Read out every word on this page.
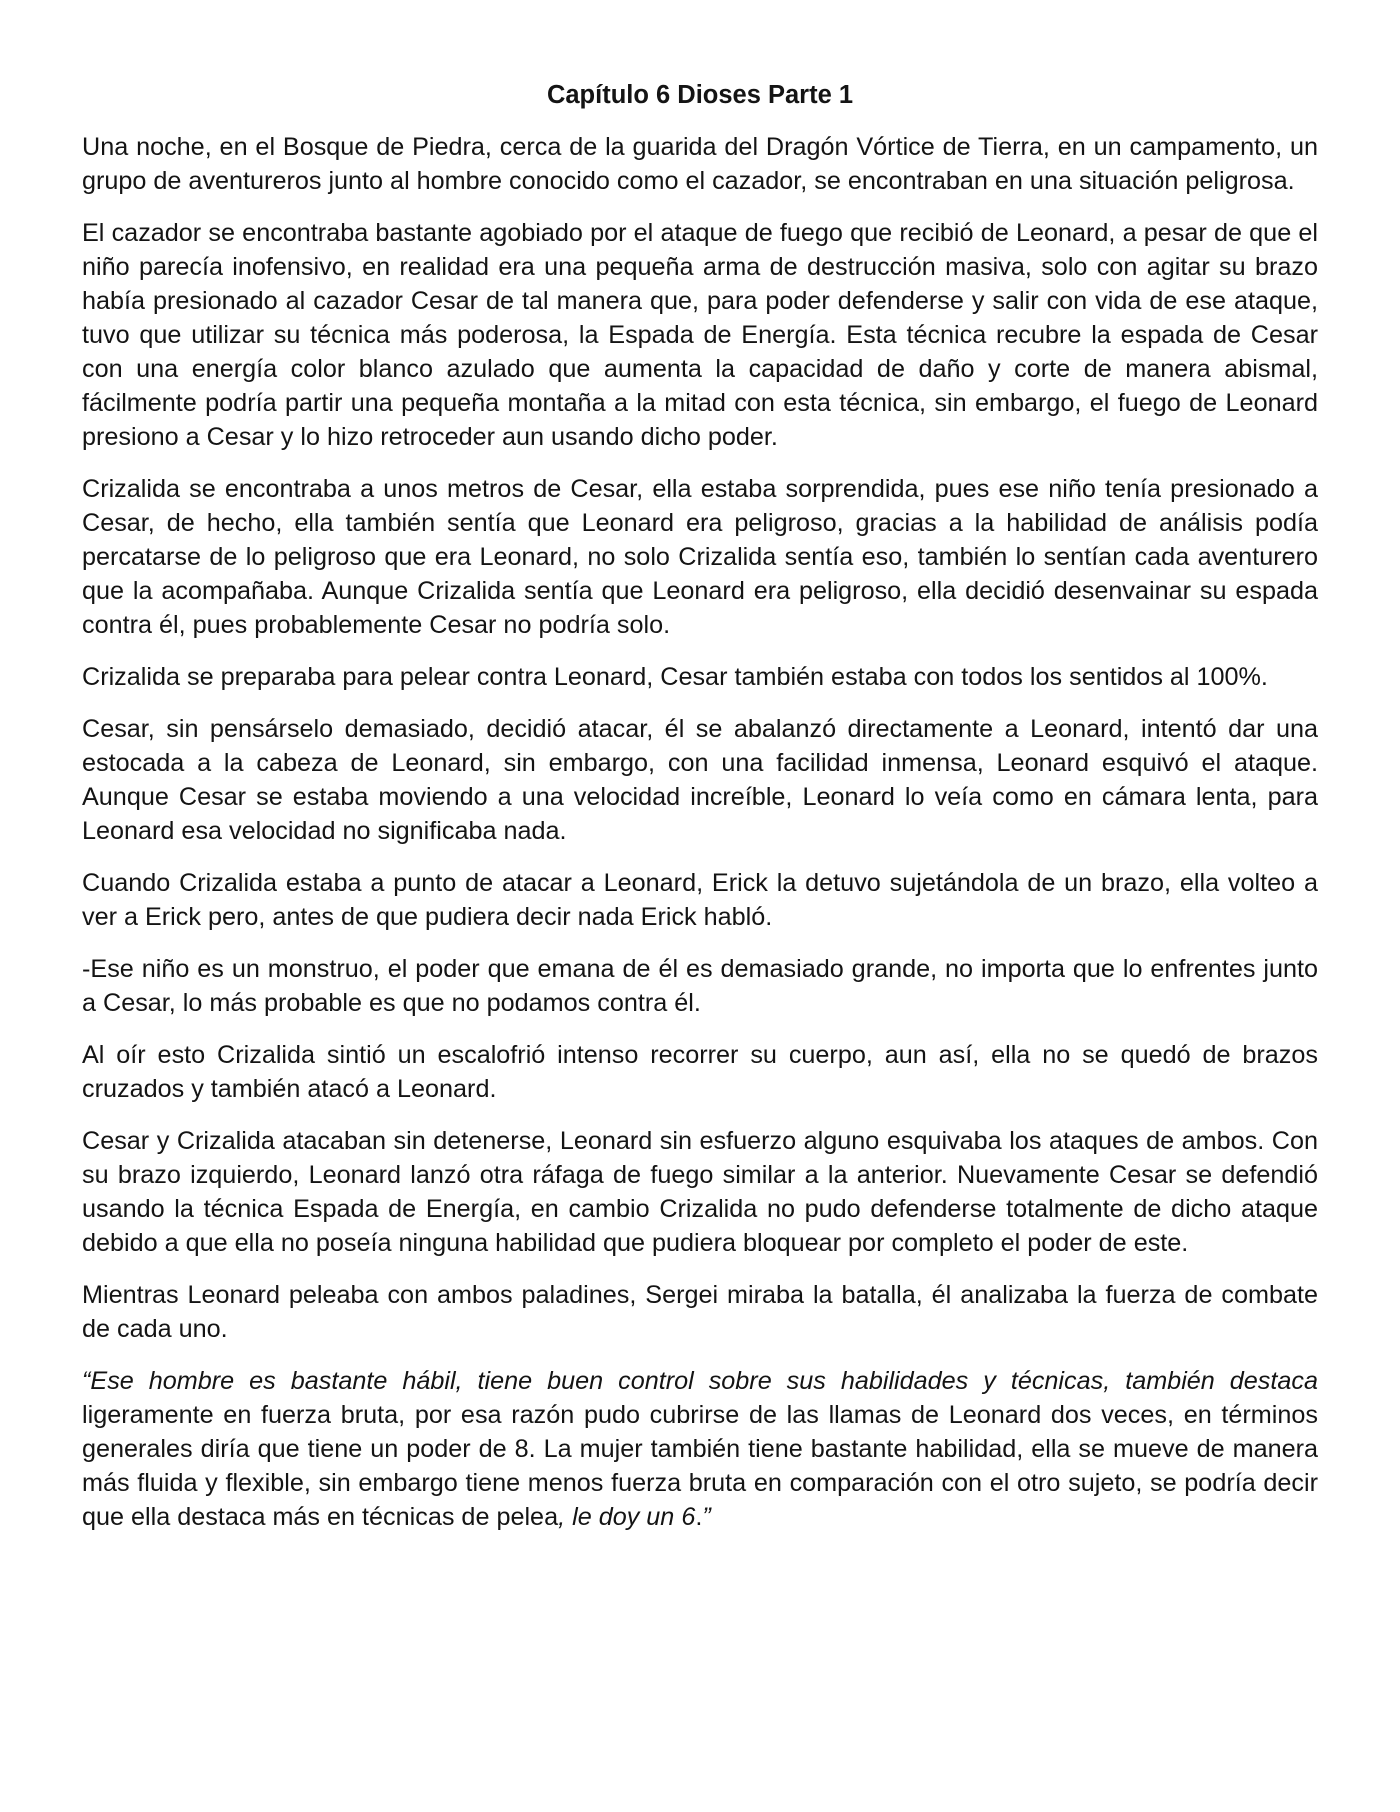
Capítulo 6 Dioses Parte 1

Una noche, en el Bosque de Piedra, cerca de la guarida del Dragón Vórtice de Tierra, en un campamento, un grupo de aventureros junto al hombre conocido como el cazador, se encontraban en una situación peligrosa.

El cazador se encontraba bastante agobiado por el ataque de fuego que recibió de Leonard, a pesar de que el niño parecía inofensivo, en realidad era una pequeña arma de destrucción masiva, solo con agitar su brazo había presionado al cazador Cesar de tal manera que, para poder defenderse y salir con vida de ese ataque, tuvo que utilizar su técnica más poderosa, la Espada de Energía. Esta técnica recubre la espada de Cesar con una energía color blanco azulado que aumenta la capacidad de daño y corte de manera abismal, fácilmente podría partir una pequeña montaña a la mitad con esta técnica, sin embargo, el fuego de Leonard presiono a Cesar y lo hizo retroceder aun usando dicho poder.

Crizalida se encontraba a unos metros de Cesar, ella estaba sorprendida, pues ese niño tenía presionado a Cesar, de hecho, ella también sentía que Leonard era peligroso, gracias a la habilidad de análisis podía percatarse de lo peligroso que era Leonard, no solo Crizalida sentía eso, también lo sentían cada aventurero que la acompañaba. Aunque Crizalida sentía que Leonard era peligroso, ella decidió desenvainar su espada contra él, pues probablemente Cesar no podría solo.

Crizalida se preparaba para pelear contra Leonard, Cesar también estaba con todos los sentidos al 100%.

Cesar, sin pensárselo demasiado, decidió atacar, él se abalanzó directamente a Leonard, intentó dar una estocada a la cabeza de Leonard, sin embargo, con una facilidad inmensa, Leonard esquivó el ataque. Aunque Cesar se estaba moviendo a una velocidad increíble, Leonard lo veía como en cámara lenta, para Leonard esa velocidad no significaba nada.

Cuando Crizalida estaba a punto de atacar a Leonard, Erick la detuvo sujetándola de un brazo, ella volteo a ver a Erick pero, antes de que pudiera decir nada Erick habló.

-Ese niño es un monstruo, el poder que emana de él es demasiado grande, no importa que lo enfrentes junto a Cesar, lo más probable es que no podamos contra él.

Al oír esto Crizalida sintió un escalofrió intenso recorrer su cuerpo, aun así, ella no se quedó de brazos cruzados y también atacó a Leonard.

Cesar y Crizalida atacaban sin detenerse, Leonard sin esfuerzo alguno esquivaba los ataques de ambos. Con su brazo izquierdo, Leonard lanzó otra ráfaga de fuego similar a la anterior. Nuevamente Cesar se defendió usando la técnica Espada de Energía, en cambio Crizalida no pudo defenderse totalmente de dicho ataque debido a que ella no poseía ninguna habilidad que pudiera bloquear por completo el poder de este.

Mientras Leonard peleaba con ambos paladines, Sergei miraba la batalla, él analizaba la fuerza de combate de cada uno.

“Ese hombre es bastante hábil, tiene buen control sobre sus habilidades y técnicas, también destaca ligeramente en fuerza bruta, por esa razón pudo cubrirse de las llamas de Leonard dos veces, en términos generales diría que tiene un poder de 8. La mujer también tiene bastante habilidad, ella se mueve de manera más fluida y flexible, sin embargo tiene menos fuerza bruta en comparación con el otro sujeto, se podría decir que ella destaca más en técnicas de pelea, le doy un 6.”
